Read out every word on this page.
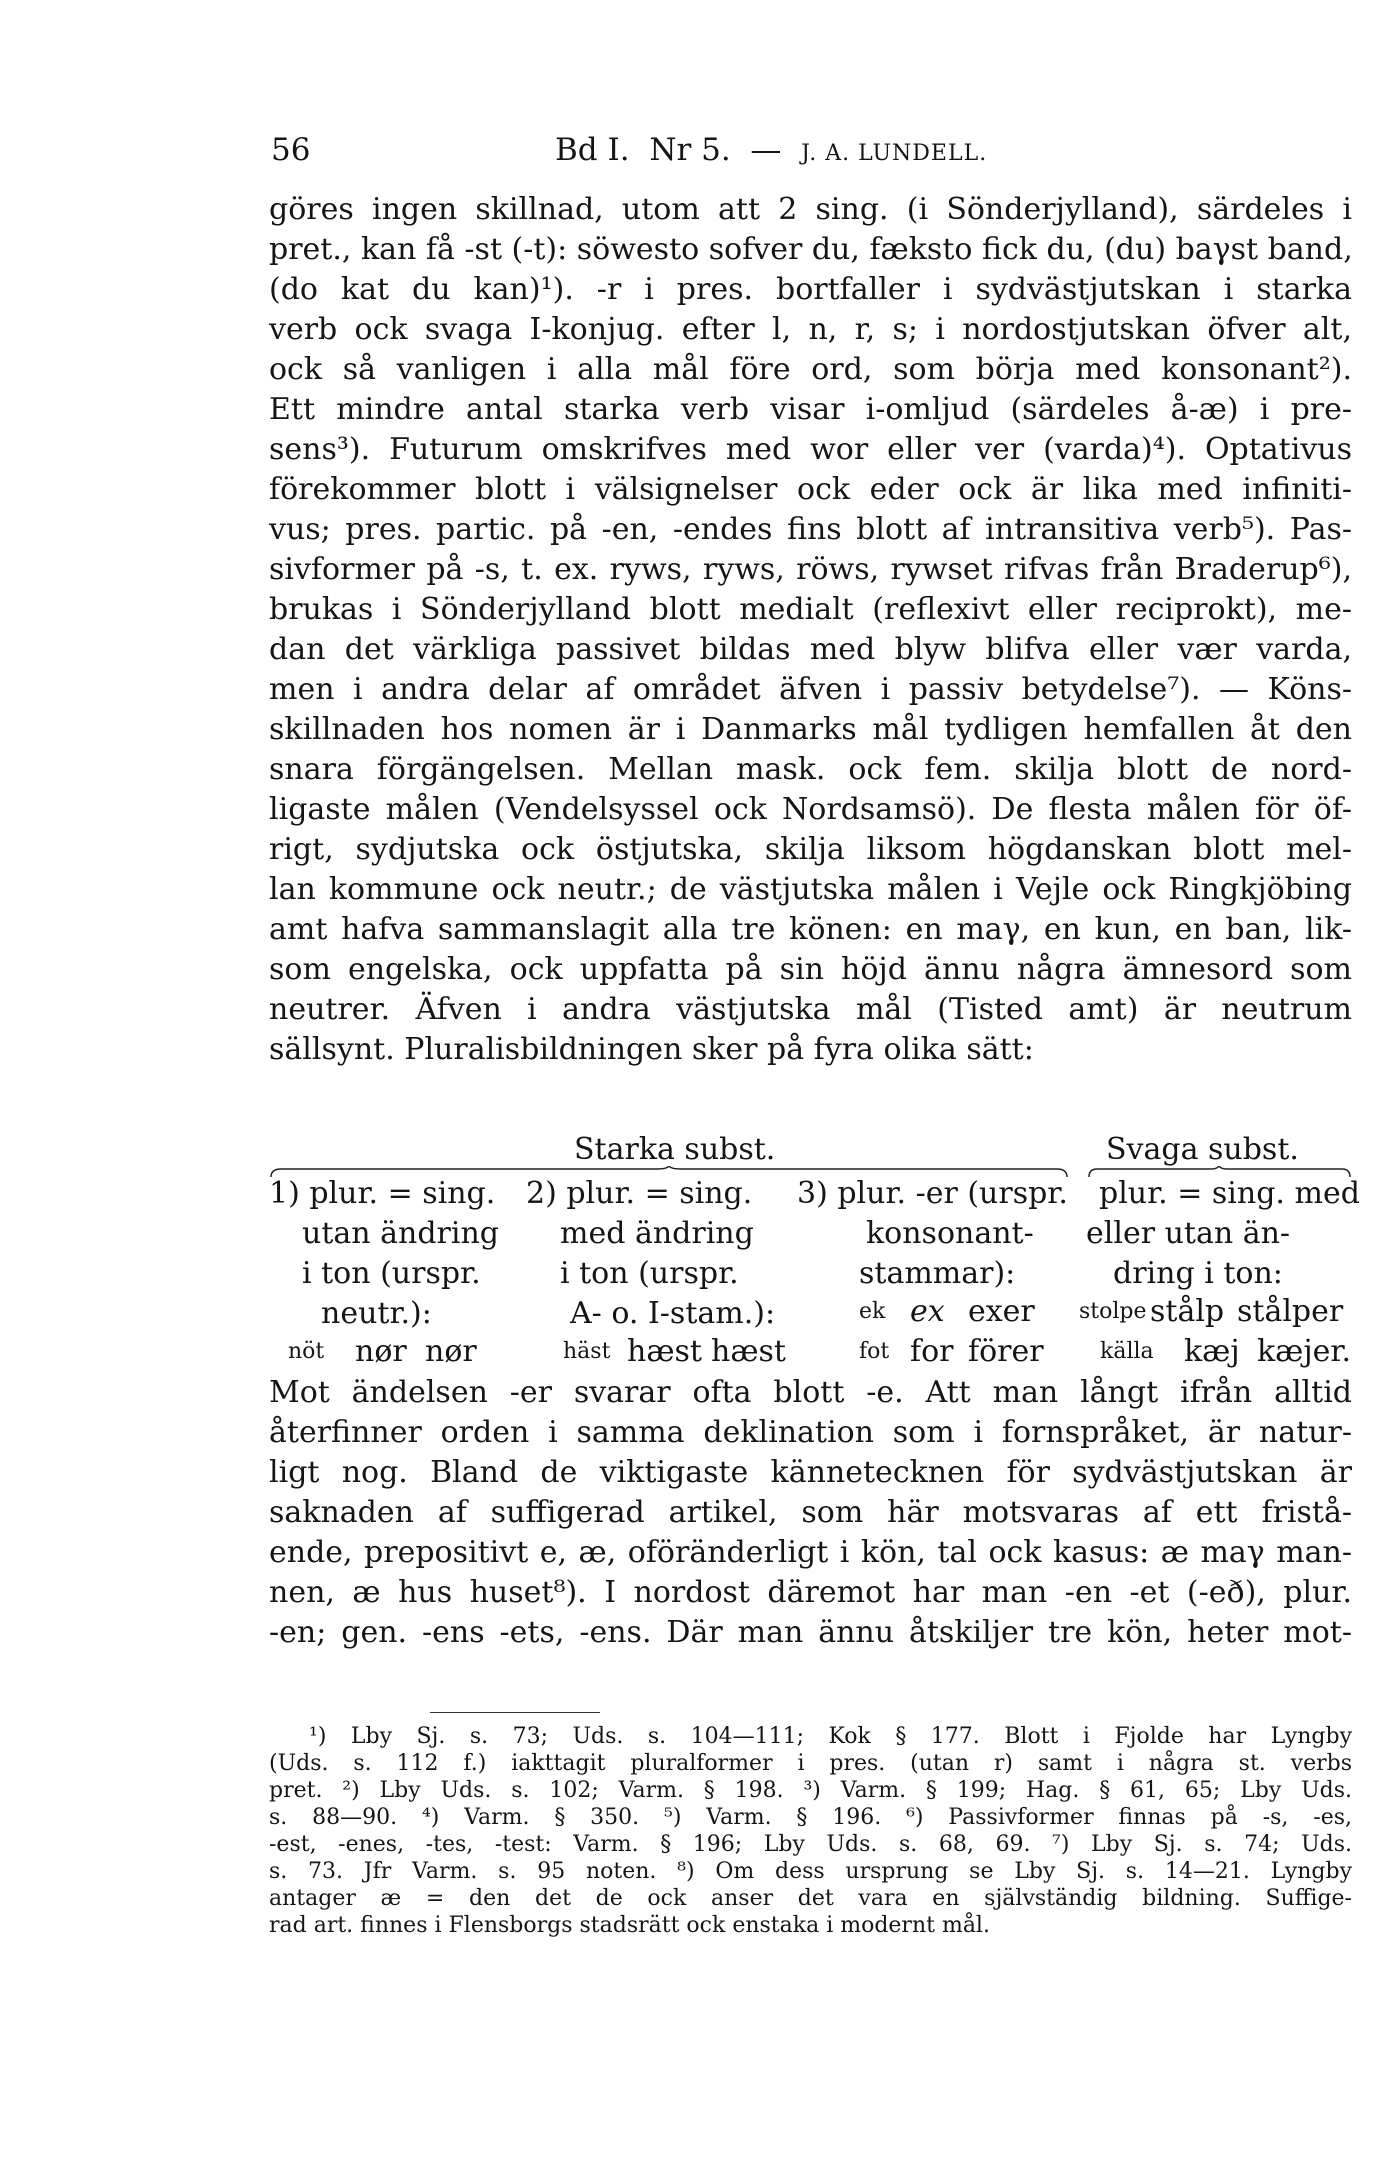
56	Bd I. Nr 5. — J. A. LUNDELL.
göres ingen skillnad, utom att 2 sing. (i Sönderjylland), särdeles i
pret., kan få -st (-t): söwesto sofver du, fæksto fick du, (du) baγst band,
(do kat du kan)¹). -r i pres. bortfaller i sydvästjutskan i starka
verb ock svaga I-konjug. efter l, n, r, s; i nordostjutskan öfver alt,
ock så vanligen i alla mål före ord, som börja med konsonant²).
Ett mindre antal starka verb visar i-omljud (särdeles å-æ) i pre-
sens³). Futurum omskrifves med wor eller ver (varda)⁴). Optativus
förekommer blott i välsignelser ock eder ock är lika med infiniti-
vus; pres. partic. på -en, -endes fins blott af intransitiva verb⁵). Pas-
sivformer på -s, t. ex. ryws, ryws, röws, rywset rifvas från Braderup⁶),
brukas i Sönderjylland blott medialt (reflexivt eller reciprokt), me-
dan det värkliga passivet bildas med blyw blifva eller vær varda,
men i andra delar af området äfven i passiv betydelse⁷). — Köns-
skillnaden hos nomen är i Danmarks mål tydligen hemfallen åt den
snara förgängelsen. Mellan mask. ock fem. skilja blott de nord-
ligaste målen (Vendelsyssel ock Nordsamsö). De flesta målen för öf-
rigt, sydjutska ock östjutska, skilja liksom högdanskan blott mel-
lan kommune ock neutr.; de västjutska målen i Vejle ock Ringkjöbing
amt hafva sammanslagit alla tre könen: en maγ, en kun, en ban, lik-
som engelska, ock uppfatta på sin höjd ännu några ämnesord som
neutrer. Äfven i andra västjutska mål (Tisted amt) är neutrum
sällsynt. Pluralisbildningen sker på fyra olika sätt:
Starka subst.	Svaga subst.
1) plur. = sing.
utan ändring
i ton (urspr.
neutr.):
nöt nør nør
2) plur. = sing.
med ändring
i ton (urspr.
A- o. I-stam.):
häst hæst hæst
3) plur. -er (urspr.
konsonant-
stammar):
ek ex exer
fot for förer
plur. = sing. med
eller utan än-
dring i ton:
stolpe stålp stålper
källa kæj kæjer.
Mot ändelsen -er svarar ofta blott -e. Att man långt ifrån alltid
återfinner orden i samma deklination som i fornspråket, är natur-
ligt nog. Bland de viktigaste kännetecknen för sydvästjutskan är
saknaden af suffigerad artikel, som här motsvaras af ett fristå-
ende, prepositivt e, æ, oföränderligt i kön, tal ock kasus: æ maγ man-
nen, æ hus huset⁸). I nordost däremot har man -en -et (-eð), plur.
-en; gen. -ens -ets, -ens. Där man ännu åtskiljer tre kön, heter mot-
¹) Lby Sj. s. 73; Uds. s. 104—111; Kok § 177. Blott i Fjolde har Lyngby
(Uds. s. 112 f.) iakttagit pluralformer i pres. (utan r) samt i några st. verbs
pret. ²) Lby Uds. s. 102; Varm. § 198. ³) Varm. § 199; Hag. § 61, 65; Lby Uds.
s. 88—90. ⁴) Varm. § 350. ⁵) Varm. § 196. ⁶) Passivformer finnas på -s, -es,
-est, -enes, -tes, -test: Varm. § 196; Lby Uds. s. 68, 69. ⁷) Lby Sj. s. 74; Uds.
s. 73. Jfr Varm. s. 95 noten. ⁸) Om dess ursprung se Lby Sj. s. 14—21. Lyngby
antager æ = den det de ock anser det vara en självständig bildning. Suffige-
rad art. finnes i Flensborgs stadsrätt ock enstaka i modernt mål.
